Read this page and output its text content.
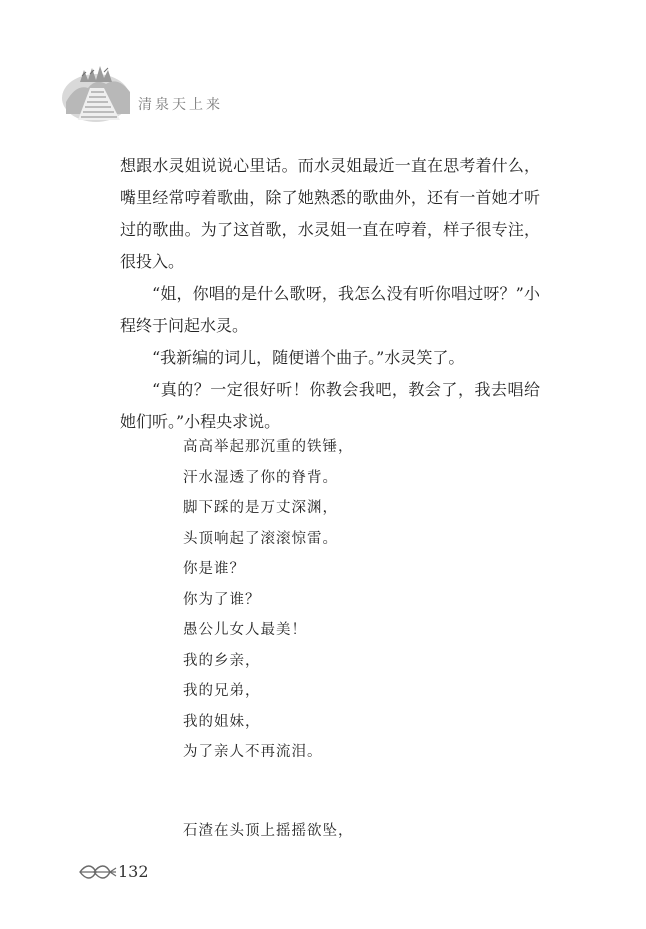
清泉天上来

想跟水灵姐说说心里话。而水灵姐最近一直在思考着什么，嘴里经常哼着歌曲，除了她熟悉的歌曲外，还有一首她才听过的歌曲。为了这首歌，水灵姐一直在哼着，样子很专注，很投入。

“姐，你唱的是什么歌呀，我怎么没有听你唱过呀？”小程终于问起水灵。

“我新编的词儿，随便谱个曲子。”水灵笑了。

“真的？一定很好听！你教会我吧，教会了，我去唱给她们听。”小程央求说。

高高举起那沉重的铁锤，
汗水湿透了你的脊背。
脚下踩的是万丈深渊，
头顶响起了滚滚惊雷。
你是谁？
你为了谁？
愚公儿女人最美！
我的乡亲，
我的兄弟，
我的姐妹，
为了亲人不再流泪。
石渣在头顶上摇摇欲坠，
132
